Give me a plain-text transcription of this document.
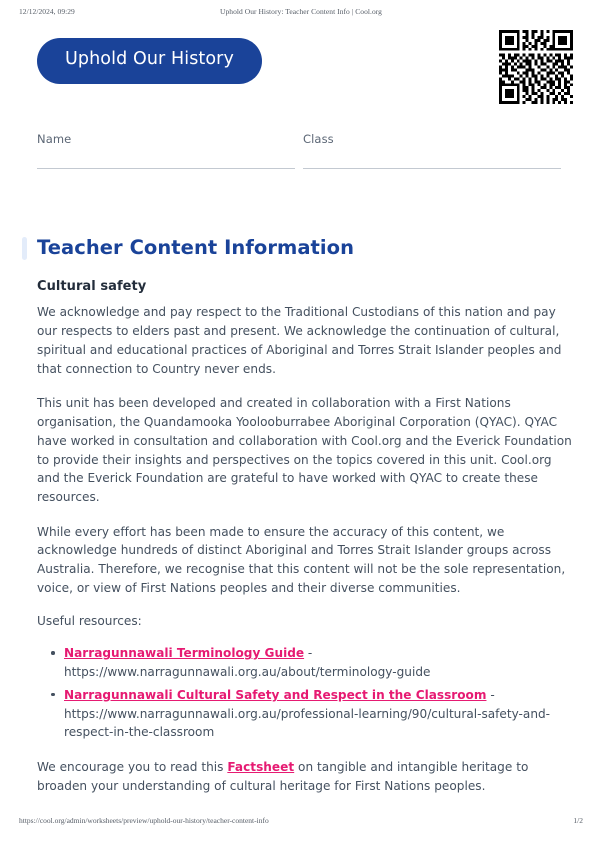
12/12/2024, 09:29	Uphold Our History: Teacher Content Info | Cool.org
Uphold Our History
Name	Class
Teacher Content Information
Cultural safety

We acknowledge and pay respect to the Traditional Custodians of this nation and pay our respects to elders past and present. We acknowledge the continuation of cultural, spiritual and educational practices of Aboriginal and Torres Strait Islander peoples and that connection to Country never ends.

This unit has been developed and created in collaboration with a First Nations organisation, the Quandamooka Yoolooburrabee Aboriginal Corporation (QYAC). QYAC have worked in consultation and collaboration with Cool.org and the Everick Foundation to provide their insights and perspectives on the topics covered in this unit. Cool.org and the Everick Foundation are grateful to have worked with QYAC to create these resources.

While every effort has been made to ensure the accuracy of this content, we acknowledge hundreds of distinct Aboriginal and Torres Strait Islander groups across Australia. Therefore, we recognise that this content will not be the sole representation, voice, or view of First Nations peoples and their diverse communities.

Useful resources:

Narragunnawali Terminology Guide -
https://www.narragunnawali.org.au/about/terminology-guide
Narragunnawali Cultural Safety and Respect in the Classroom -
https://www.narragunnawali.org.au/professional-learning/90/cultural-safety-and-respect-in-the-classroom

We encourage you to read this Factsheet on tangible and intangible heritage to broaden your understanding of cultural heritage for First Nations peoples.

https://cool.org/admin/worksheets/preview/uphold-our-history/teacher-content-info	1/2
